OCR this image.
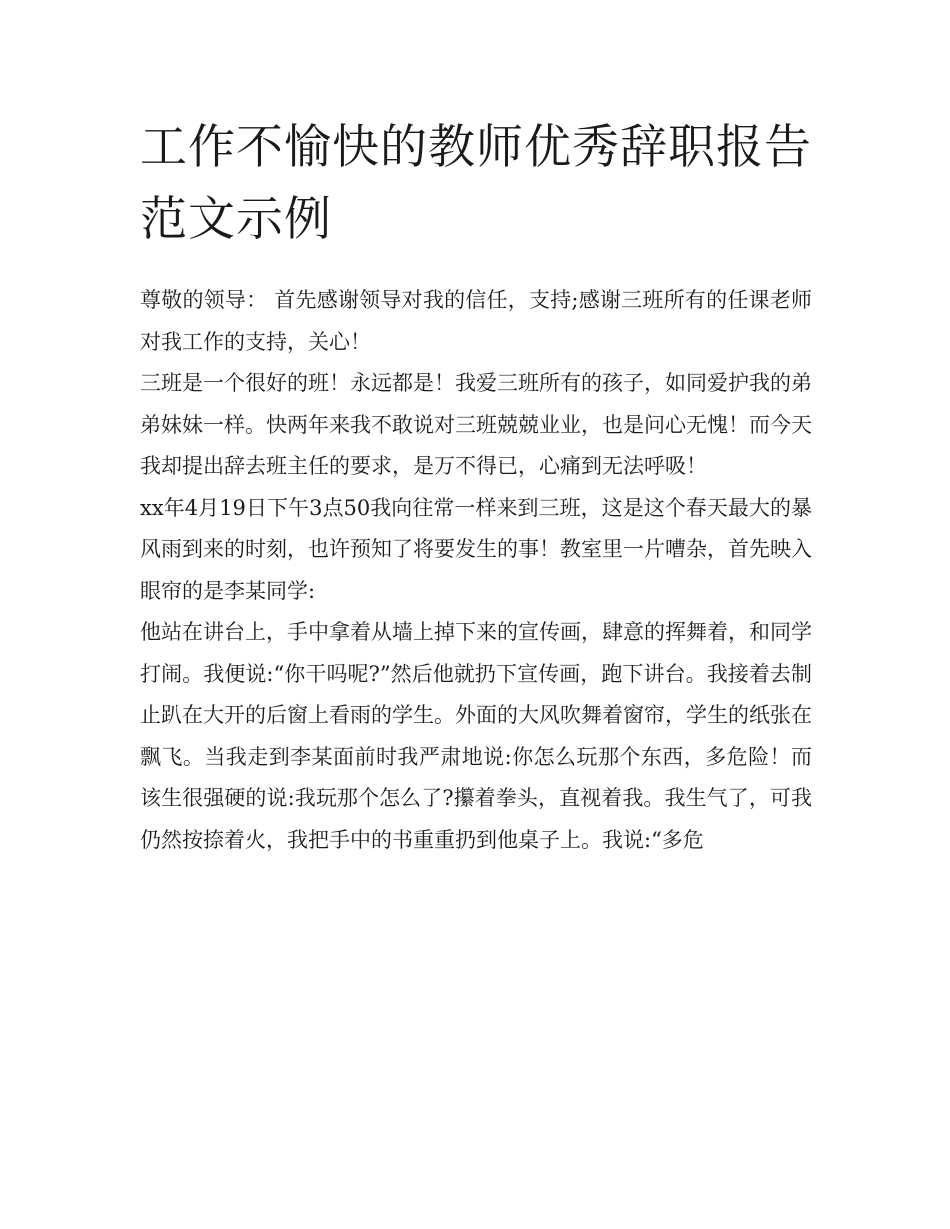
工作不愉快的教师优秀辞职报告范文示例

尊敬的领导： 首先感谢领导对我的信任，支持;感谢三班所有的任课老师对我工作的支持，关心！

三班是一个很好的班！永远都是！我爱三班所有的孩子，如同爱护我的弟弟妹妹一样。快两年来我不敢说对三班兢兢业业，也是问心无愧！而今天我却提出辞去班主任的要求，是万不得已，心痛到无法呼吸！

xx年4月19日下午3点50我向往常一样来到三班，这是这个春天最大的暴风雨到来的时刻，也许预知了将要发生的事！教室里一片嘈杂，首先映入眼帘的是李某同学:

他站在讲台上，手中拿着从墙上掉下来的宣传画，肆意的挥舞着，和同学打闹。我便说:“你干吗呢?”然后他就扔下宣传画，跑下讲台。我接着去制止趴在大开的后窗上看雨的学生。外面的大风吹舞着窗帘，学生的纸张在飘飞。当我走到李某面前时我严肃地说:你怎么玩那个东西，多危险！而该生很强硬的说:我玩那个怎么了?攥着拳头，直视着我。我生气了，可我仍然按捺着火，我把手中的书重重扔到他桌子上。我说:“多危
